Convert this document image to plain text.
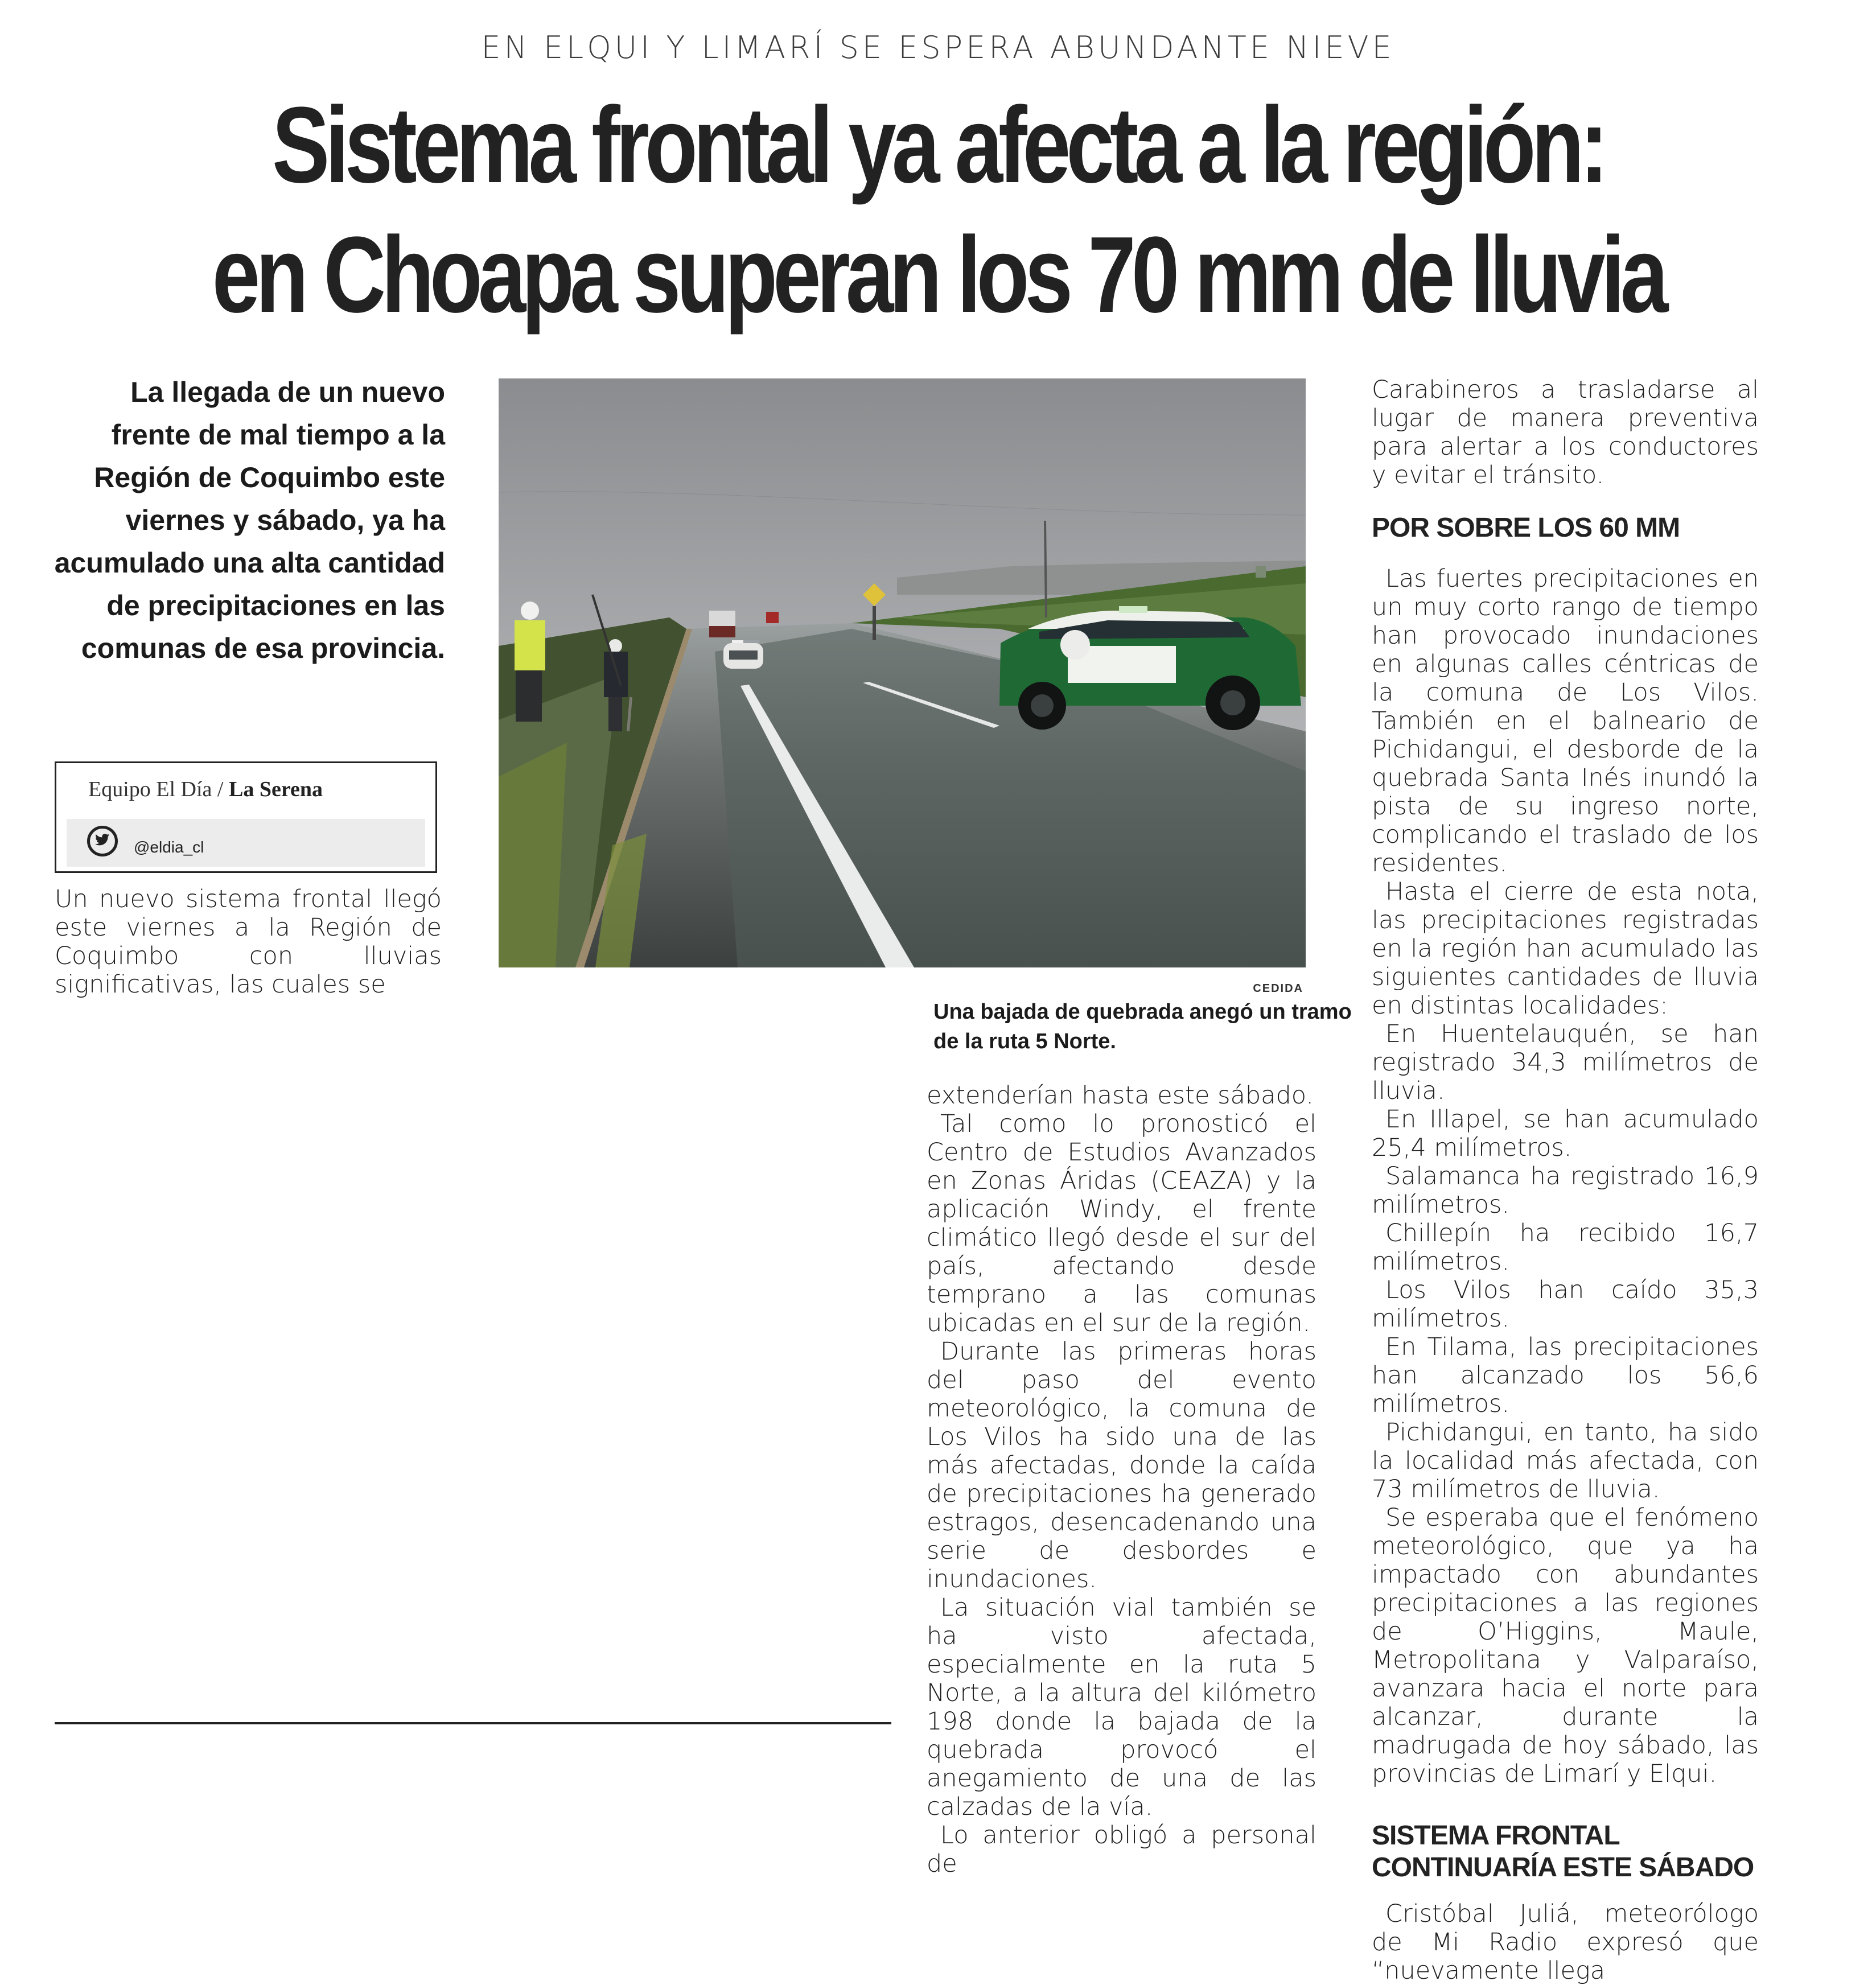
EN ELQUI Y LIMARÍ SE ESPERA ABUNDANTE NIEVE
Sistema frontal ya afecta a la región:
en Choapa superan los 70 mm de lluvia
La llegada de un nuevo
frente de mal tiempo a la
Región de Coquimbo este
viernes y sábado, ya ha
acumulado una alta cantidad
de precipitaciones en las
comunas de esa provincia.
Equipo El Día / La Serena
@eldia_cl

Un nuevo sistema frontal llegó este viernes a la Región de Coquimbo con lluvias significativas, las cuales se	CEDIDA
Una bajada de quebrada anegó un tramo
de la ruta 5 Norte.

extenderían hasta este sábado.

Tal como lo pronosticó el Centro de Estudios Avanzados en Zonas Áridas (CEAZA) y la aplicación Windy, el frente climático llegó desde el sur del país, afectando desde temprano a las comunas ubicadas en el sur de la región.

Durante las primeras horas del paso del evento meteorológico, la comuna de Los Vilos ha sido una de las más afectadas, donde la caída de precipitaciones ha generado estragos, desencadenando una serie de desbordes e inundaciones.

La situación vial también se ha visto afectada, especialmente en la ruta 5 Norte, a la altura del kilómetro 198 donde la bajada de la quebrada provocó el anegamiento de una de las calzadas de la vía.

Lo anterior obligó a personal de

Carabineros a trasladarse al lugar de manera preventiva para alertar a los conductores y evitar el tránsito.

POR SOBRE LOS 60 MM

Las fuertes precipitaciones en un muy corto rango de tiempo han provocado inundaciones en algunas calles céntricas de la comuna de Los Vilos. También en el balneario de Pichidangui, el desborde de la quebrada Santa Inés inundó la pista de su ingreso norte, complicando el traslado de los residentes.

Hasta el cierre de esta nota, las precipitaciones registradas en la región han acumulado las siguientes cantidades de lluvia en distintas localidades:

En Huentelauquén, se han registrado 34,3 milímetros de lluvia.

En Illapel, se han acumulado 25,4 milímetros.

Salamanca ha registrado 16,9 milímetros.

Chillepín ha recibido 16,7 milímetros.

Los Vilos han caído 35,3 milímetros.

En Tilama, las precipitaciones han alcanzado los 56,6 milímetros.

Pichidangui, en tanto, ha sido la localidad más afectada, con 73 milímetros de lluvia.

Se esperaba que el fenómeno meteorológico, que ya ha impactado con abundantes precipitaciones a las regiones de O’Higgins, Maule, Metropolitana y Valparaíso, avanzara hacia el norte para alcanzar, durante la madrugada de hoy sábado, las provincias de Limarí y Elqui.

SISTEMA FRONTAL CONTINUARÍA ESTE SÁBADO

Cristóbal Juliá, meteorólogo de Mi Radio expresó que “nuevamente llega
